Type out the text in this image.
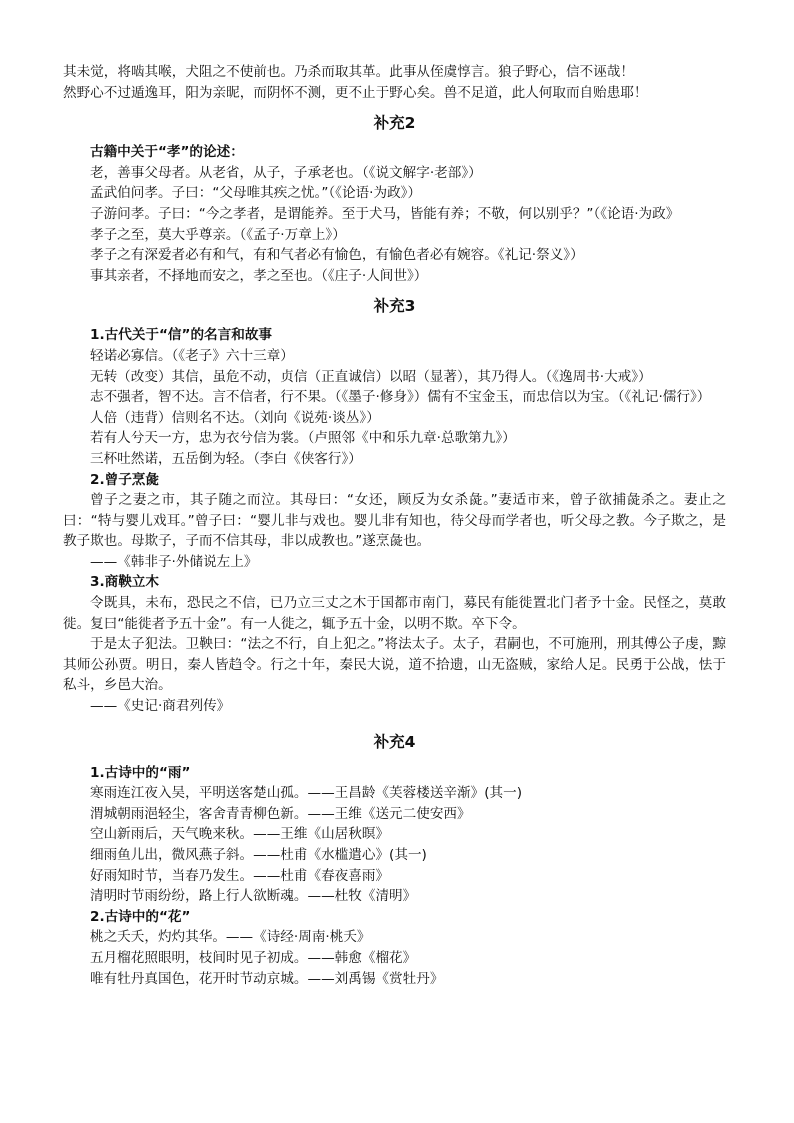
其未觉，将啮其喉，犬阻之不使前也。乃杀而取其革。此事从侄虞惇言。狼子野心，信不诬哉！

然野心不过遁逸耳，阳为亲昵，而阴怀不测，更不止于野心矣。兽不足道，此人何取而自贻患耶！

补充2

古籍中关于“孝”的论述：

老，善事父母者。从老省，从子，子承老也。（《说文解字·老部》）

孟武伯问孝。子曰：“父母唯其疾之忧。”（《论语·为政》）

子游问孝。子曰：“今之孝者，是谓能养。至于犬马，皆能有养；不敬，何以别乎？”（《论语·为政》

孝子之至，莫大乎尊亲。（《孟子·万章上》）

孝子之有深爱者必有和气，有和气者必有愉色，有愉色者必有婉容。《礼记·祭义》）

事其亲者，不择地而安之，孝之至也。（《庄子·人间世》）

补充3

1.古代关于“信”的名言和故事

轻诺必寡信。（《老子》六十三章）

无转（改变）其信，虽危不动，贞信（正直诚信）以昭（显著），其乃得人。（《逸周书·大戒》）

志不强者，智不达。言不信者，行不果。（《墨子·修身》）儒有不宝金玉，而忠信以为宝。（《礼记·儒行》）

人倍（违背）信则名不达。（刘向《说苑·谈丛》）

若有人兮天一方，忠为衣兮信为裳。（卢照邻《中和乐九章·总歌第九》）

三杯吐然诺，五岳倒为轻。（李白《侠客行》）

2.曾子烹彘

曾子之妻之市，其子随之而泣。其母曰：“女还，顾反为女杀彘。”妻适市来，曾子欲捕彘杀之。妻止之曰：“特与婴儿戏耳。”曾子曰：“婴儿非与戏也。婴儿非有知也，待父母而学者也，听父母之教。今子欺之，是教子欺也。母欺子，子而不信其母，非以成教也。”遂烹彘也。

——《韩非子·外储说左上》

3.商鞅立木

令既具，未布，恐民之不信，已乃立三丈之木于国都市南门，募民有能徙置北门者予十金。民怪之，莫敢徙。复曰“能徙者予五十金”。有一人徙之，辄予五十金，以明不欺。卒下令。

于是太子犯法。卫鞅曰：“法之不行，自上犯之。”将法太子。太子，君嗣也，不可施刑，刑其傅公子虔，黥其师公孙贾。明日，秦人皆趋令。行之十年，秦民大说，道不拾遗，山无盗贼，家给人足。民勇于公战，怯于私斗，乡邑大治。

——《史记·商君列传》

补充4

1.古诗中的“雨”

寒雨连江夜入吴，平明送客楚山孤。——王昌龄《芙蓉楼送辛渐》(其一)

渭城朝雨浥轻尘，客舍青青柳色新。——王维《送元二使安西》

空山新雨后，天气晚来秋。——王维《山居秋暝》

细雨鱼儿出，微风燕子斜。——杜甫《水槛遣心》(其一)

好雨知时节，当春乃发生。——杜甫《春夜喜雨》

清明时节雨纷纷，路上行人欲断魂。——杜牧《清明》

2.古诗中的“花”

桃之夭夭，灼灼其华。——《诗经·周南·桃夭》

五月榴花照眼明，枝间时见子初成。——韩愈《榴花》

唯有牡丹真国色，花开时节动京城。——刘禹锡《赏牡丹》
